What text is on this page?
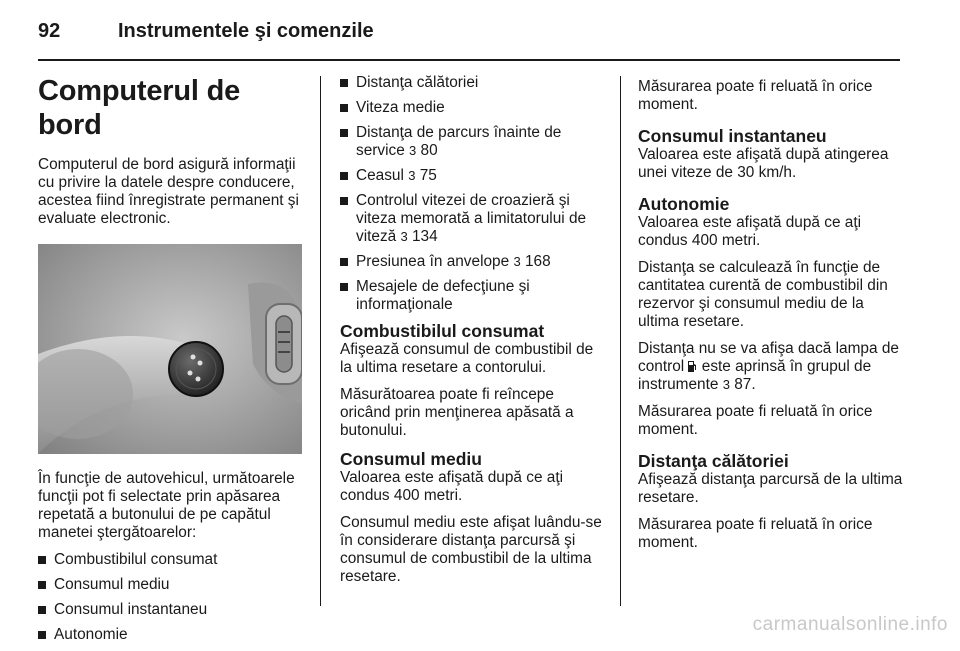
92	Instrumentele şi comenzile
Computerul de bord

Computerul de bord asigură informaţii cu privire la datele despre conducere, acestea fiind înregistrate permanent şi evaluate electronic.

În funcţie de autovehicul, următoarele funcţii pot fi selectate prin apăsarea repetată a butonului de pe capătul manetei ştergătoarelor:

Combustibilul consumat
Consumul mediu
Consumul instantaneu
Autonomie
Distanţa călătoriei
Viteza medie
Distanţa de parcurs înainte de service 3 80
Ceasul 3 75
Controlul vitezei de croazieră şi viteza memorată a limitatorului de viteză 3 134
Presiunea în anvelope 3 168
Mesajele de defecţiune şi informaţionale
Combustibilul consumat

Afişează consumul de combustibil de la ultima resetare a contorului.

Măsurătoarea poate fi reîncepe oricând prin menţinerea apăsată a butonului.

Consumul mediu

Valoarea este afişată după ce aţi condus 400 metri.

Consumul mediu este afişat luându-se în considerare distanţa parcursă şi consumul de combustibil de la ultima resetare.

Măsurarea poate fi reluată în orice moment.

Consumul instantaneu

Valoarea este afişată după atingerea unei viteze de 30 km/h.

Autonomie

Valoarea este afişată după ce aţi condus 400 metri.

Distanţa se calculează în funcţie de cantitatea curentă de combustibil din rezervor şi consumul mediu de la ultima resetare.

Distanţa nu se va afişa dacă lampa de control  este aprinsă în grupul de instrumente 3 87.

Măsurarea poate fi reluată în orice moment.

Distanţa călătoriei

Afişează distanţa parcursă de la ultima resetare.

Măsurarea poate fi reluată în orice moment.

carmanualsonline.info
